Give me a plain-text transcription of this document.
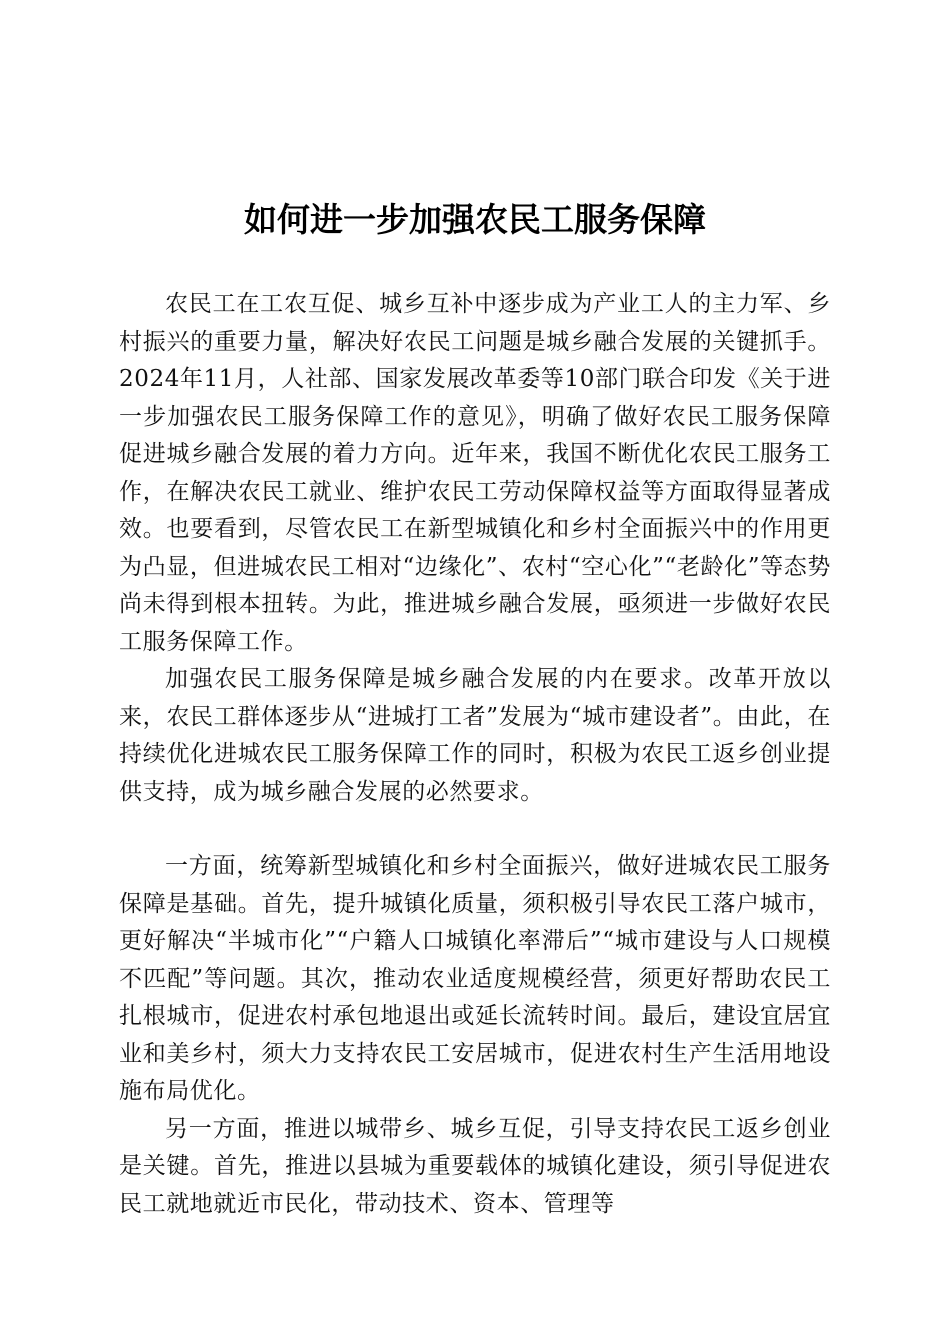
如何进一步加强农民工服务保障

农民工在工农互促、城乡互补中逐步成为产业工人的主力军、乡村振兴的重要力量，解决好农民工问题是城乡融合发展的关键抓手。2024年11月，人社部、国家发展改革委等10部门联合印发《关于进一步加强农民工服务保障工作的意见》，明确了做好农民工服务保障促进城乡融合发展的着力方向。近年来，我国不断优化农民工服务工作，在解决农民工就业、维护农民工劳动保障权益等方面取得显著成效。也要看到，尽管农民工在新型城镇化和乡村全面振兴中的作用更为凸显，但进城农民工相对“边缘化”、农村“空心化”“老龄化”等态势尚未得到根本扭转。为此，推进城乡融合发展，亟须进一步做好农民工服务保障工作。

加强农民工服务保障是城乡融合发展的内在要求。改革开放以来，农民工群体逐步从“进城打工者”发展为“城市建设者”。由此，在持续优化进城农民工服务保障工作的同时，积极为农民工返乡创业提供支持，成为城乡融合发展的必然要求。

一方面，统筹新型城镇化和乡村全面振兴，做好进城农民工服务保障是基础。首先，提升城镇化质量，须积极引导农民工落户城市，更好解决“半城市化”“户籍人口城镇化率滞后”“城市建设与人口规模不匹配”等问题。其次，推动农业适度规模经营，须更好帮助农民工扎根城市，促进农村承包地退出或延长流转时间。最后，建设宜居宜业和美乡村，须大力支持农民工安居城市，促进农村生产生活用地设施布局优化。

另一方面，推进以城带乡、城乡互促，引导支持农民工返乡创业是关键。首先，推进以县城为重要载体的城镇化建设，须引导促进农民工就地就近市民化，带动技术、资本、管理等
